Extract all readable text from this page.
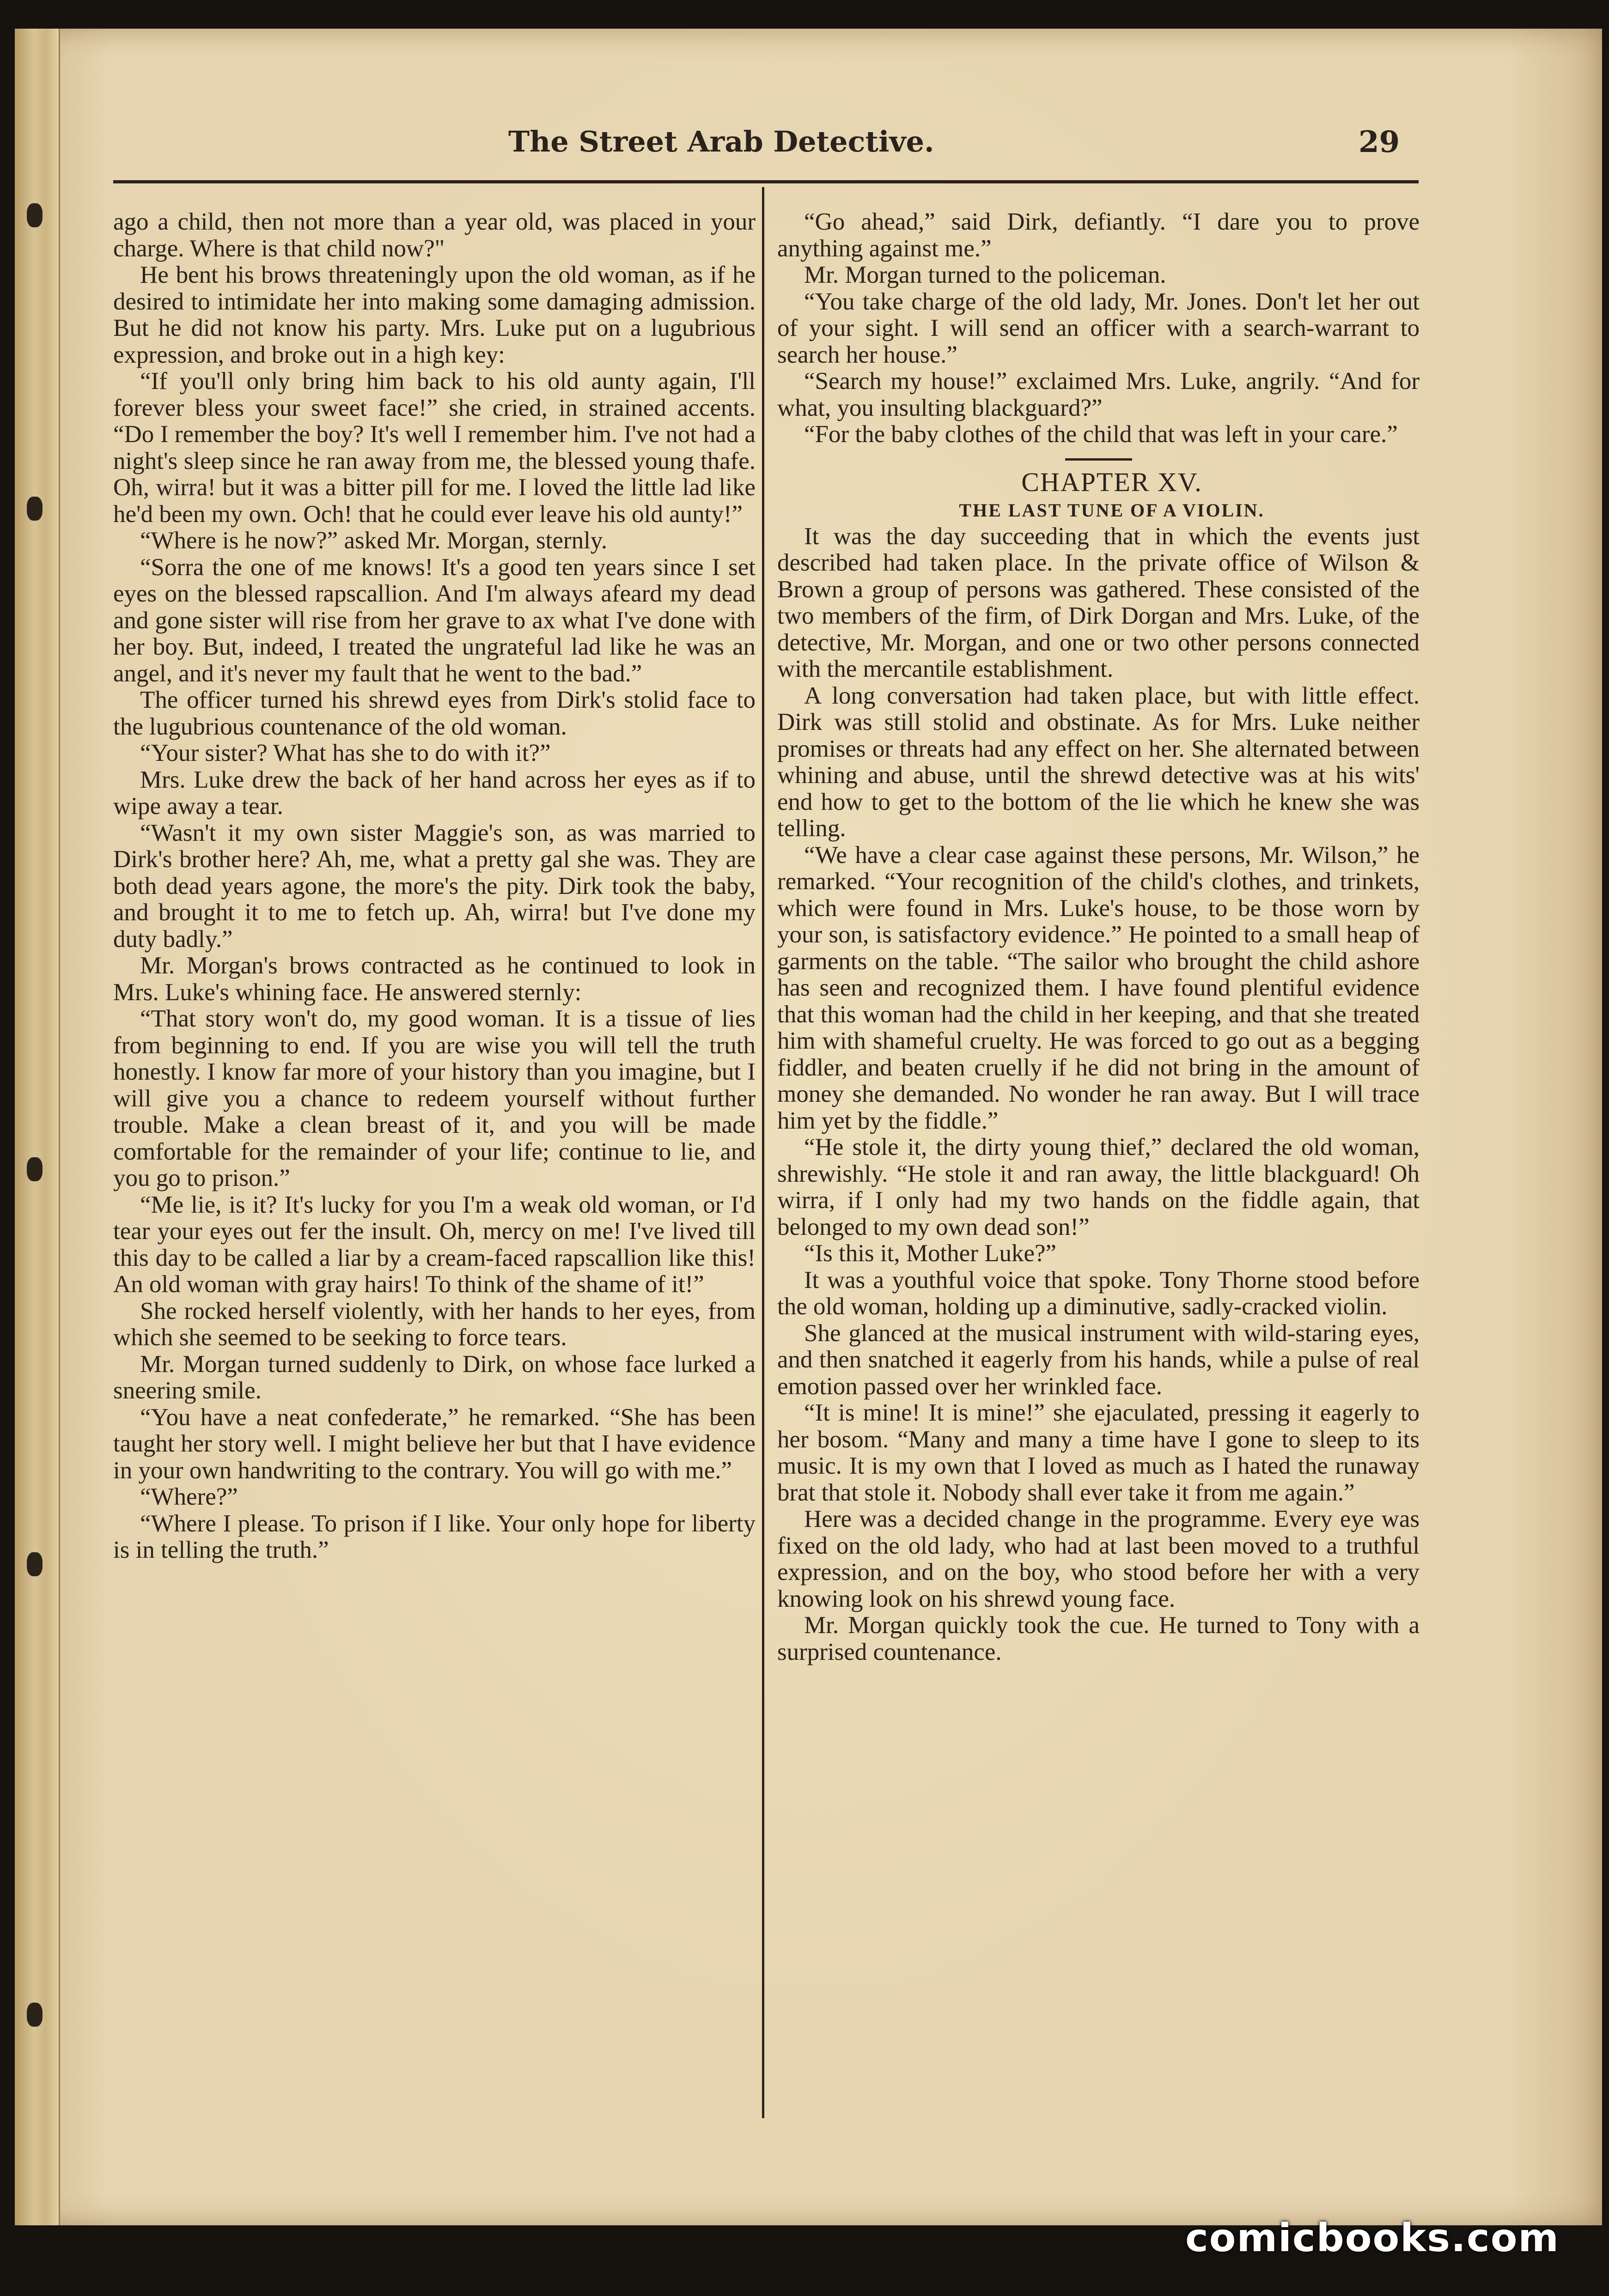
The Street Arab Detective.	29

ago a child, then not more than a year old, was placed in your charge. Where is that child now?"

He bent his brows threateningly upon the old woman, as if he desired to intimidate her into making some damaging admission. But he did not know his party. Mrs. Luke put on a lugubrious expression, and broke out in a high key:

“If you'll only bring him back to his old aunty again, I'll forever bless your sweet face!” she cried, in strained accents. “Do I remember the boy? It's well I remember him. I've not had a night's sleep since he ran away from me, the blessed young thafe. Oh, wirra! but it was a bitter pill for me. I loved the little lad like he'd been my own. Och! that he could ever leave his old aunty!”

“Where is he now?” asked Mr. Morgan, sternly.

“Sorra the one of me knows! It's a good ten years since I set eyes on the blessed rapscallion. And I'm always afeard my dead and gone sister will rise from her grave to ax what I've done with her boy. But, indeed, I treated the ungrateful lad like he was an angel, and it's never my fault that he went to the bad.”

The officer turned his shrewd eyes from Dirk's stolid face to the lugubrious countenance of the old woman.

“Your sister? What has she to do with it?”

Mrs. Luke drew the back of her hand across her eyes as if to wipe away a tear.

“Wasn't it my own sister Maggie's son, as was married to Dirk's brother here? Ah, me, what a pretty gal she was. They are both dead years agone, the more's the pity. Dirk took the baby, and brought it to me to fetch up. Ah, wirra! but I've done my duty badly.”

Mr. Morgan's brows contracted as he continued to look in Mrs. Luke's whining face. He answered sternly:

“That story won't do, my good woman. It is a tissue of lies from beginning to end. If you are wise you will tell the truth honestly. I know far more of your history than you imagine, but I will give you a chance to redeem yourself without further trouble. Make a clean breast of it, and you will be made comfortable for the remainder of your life; continue to lie, and you go to prison.”

“Me lie, is it? It's lucky for you I'm a weak old woman, or I'd tear your eyes out fer the insult. Oh, mercy on me! I've lived till this day to be called a liar by a cream-faced rapscallion like this! An old woman with gray hairs! To think of the shame of it!”

She rocked herself violently, with her hands to her eyes, from which she seemed to be seeking to force tears.

Mr. Morgan turned suddenly to Dirk, on whose face lurked a sneering smile.

“You have a neat confederate,” he remarked. “She has been taught her story well. I might believe her but that I have evidence in your own handwriting to the contrary. You will go with me.”

“Where?”

“Where I please. To prison if I like. Your only hope for liberty is in telling the truth.”

“Go ahead,” said Dirk, defiantly. “I dare you to prove anything against me.”

Mr. Morgan turned to the policeman.

“You take charge of the old lady, Mr. Jones. Don't let her out of your sight. I will send an officer with a search-warrant to search her house.”

“Search my house!” exclaimed Mrs. Luke, angrily. “And for what, you insulting blackguard?”

“For the baby clothes of the child that was left in your care.”

CHAPTER XV.

THE LAST TUNE OF A VIOLIN.

It was the day succeeding that in which the events just described had taken place. In the private office of Wilson & Brown a group of persons was gathered. These consisted of the two members of the firm, of Dirk Dorgan and Mrs. Luke, of the detective, Mr. Morgan, and one or two other persons connected with the mercantile establishment.

A long conversation had taken place, but with little effect. Dirk was still stolid and obstinate. As for Mrs. Luke neither promises or threats had any effect on her. She alternated between whining and abuse, until the shrewd detective was at his wits' end how to get to the bottom of the lie which he knew she was telling.

“We have a clear case against these persons, Mr. Wilson,” he remarked. “Your recognition of the child's clothes, and trinkets, which were found in Mrs. Luke's house, to be those worn by your son, is satisfactory evidence.” He pointed to a small heap of garments on the table. “The sailor who brought the child ashore has seen and recognized them. I have found plentiful evidence that this woman had the child in her keeping, and that she treated him with shameful cruelty. He was forced to go out as a begging fiddler, and beaten cruelly if he did not bring in the amount of money she demanded. No wonder he ran away. But I will trace him yet by the fiddle.”

“He stole it, the dirty young thief,” declared the old woman, shrewishly. “He stole it and ran away, the little blackguard! Oh wirra, if I only had my two hands on the fiddle again, that belonged to my own dead son!”

“Is this it, Mother Luke?”

It was a youthful voice that spoke. Tony Thorne stood before the old woman, holding up a diminutive, sadly-cracked violin.

She glanced at the musical instrument with wild-staring eyes, and then snatched it eagerly from his hands, while a pulse of real emotion passed over her wrinkled face.

“It is mine! It is mine!” she ejaculated, pressing it eagerly to her bosom. “Many and many a time have I gone to sleep to its music. It is my own that I loved as much as I hated the runaway brat that stole it. Nobody shall ever take it from me again.”

Here was a decided change in the programme. Every eye was fixed on the old lady, who had at last been moved to a truthful expression, and on the boy, who stood before her with a very knowing look on his shrewd young face.

Mr. Morgan quickly took the cue. He turned to Tony with a surprised countenance.

comicbooks.com
